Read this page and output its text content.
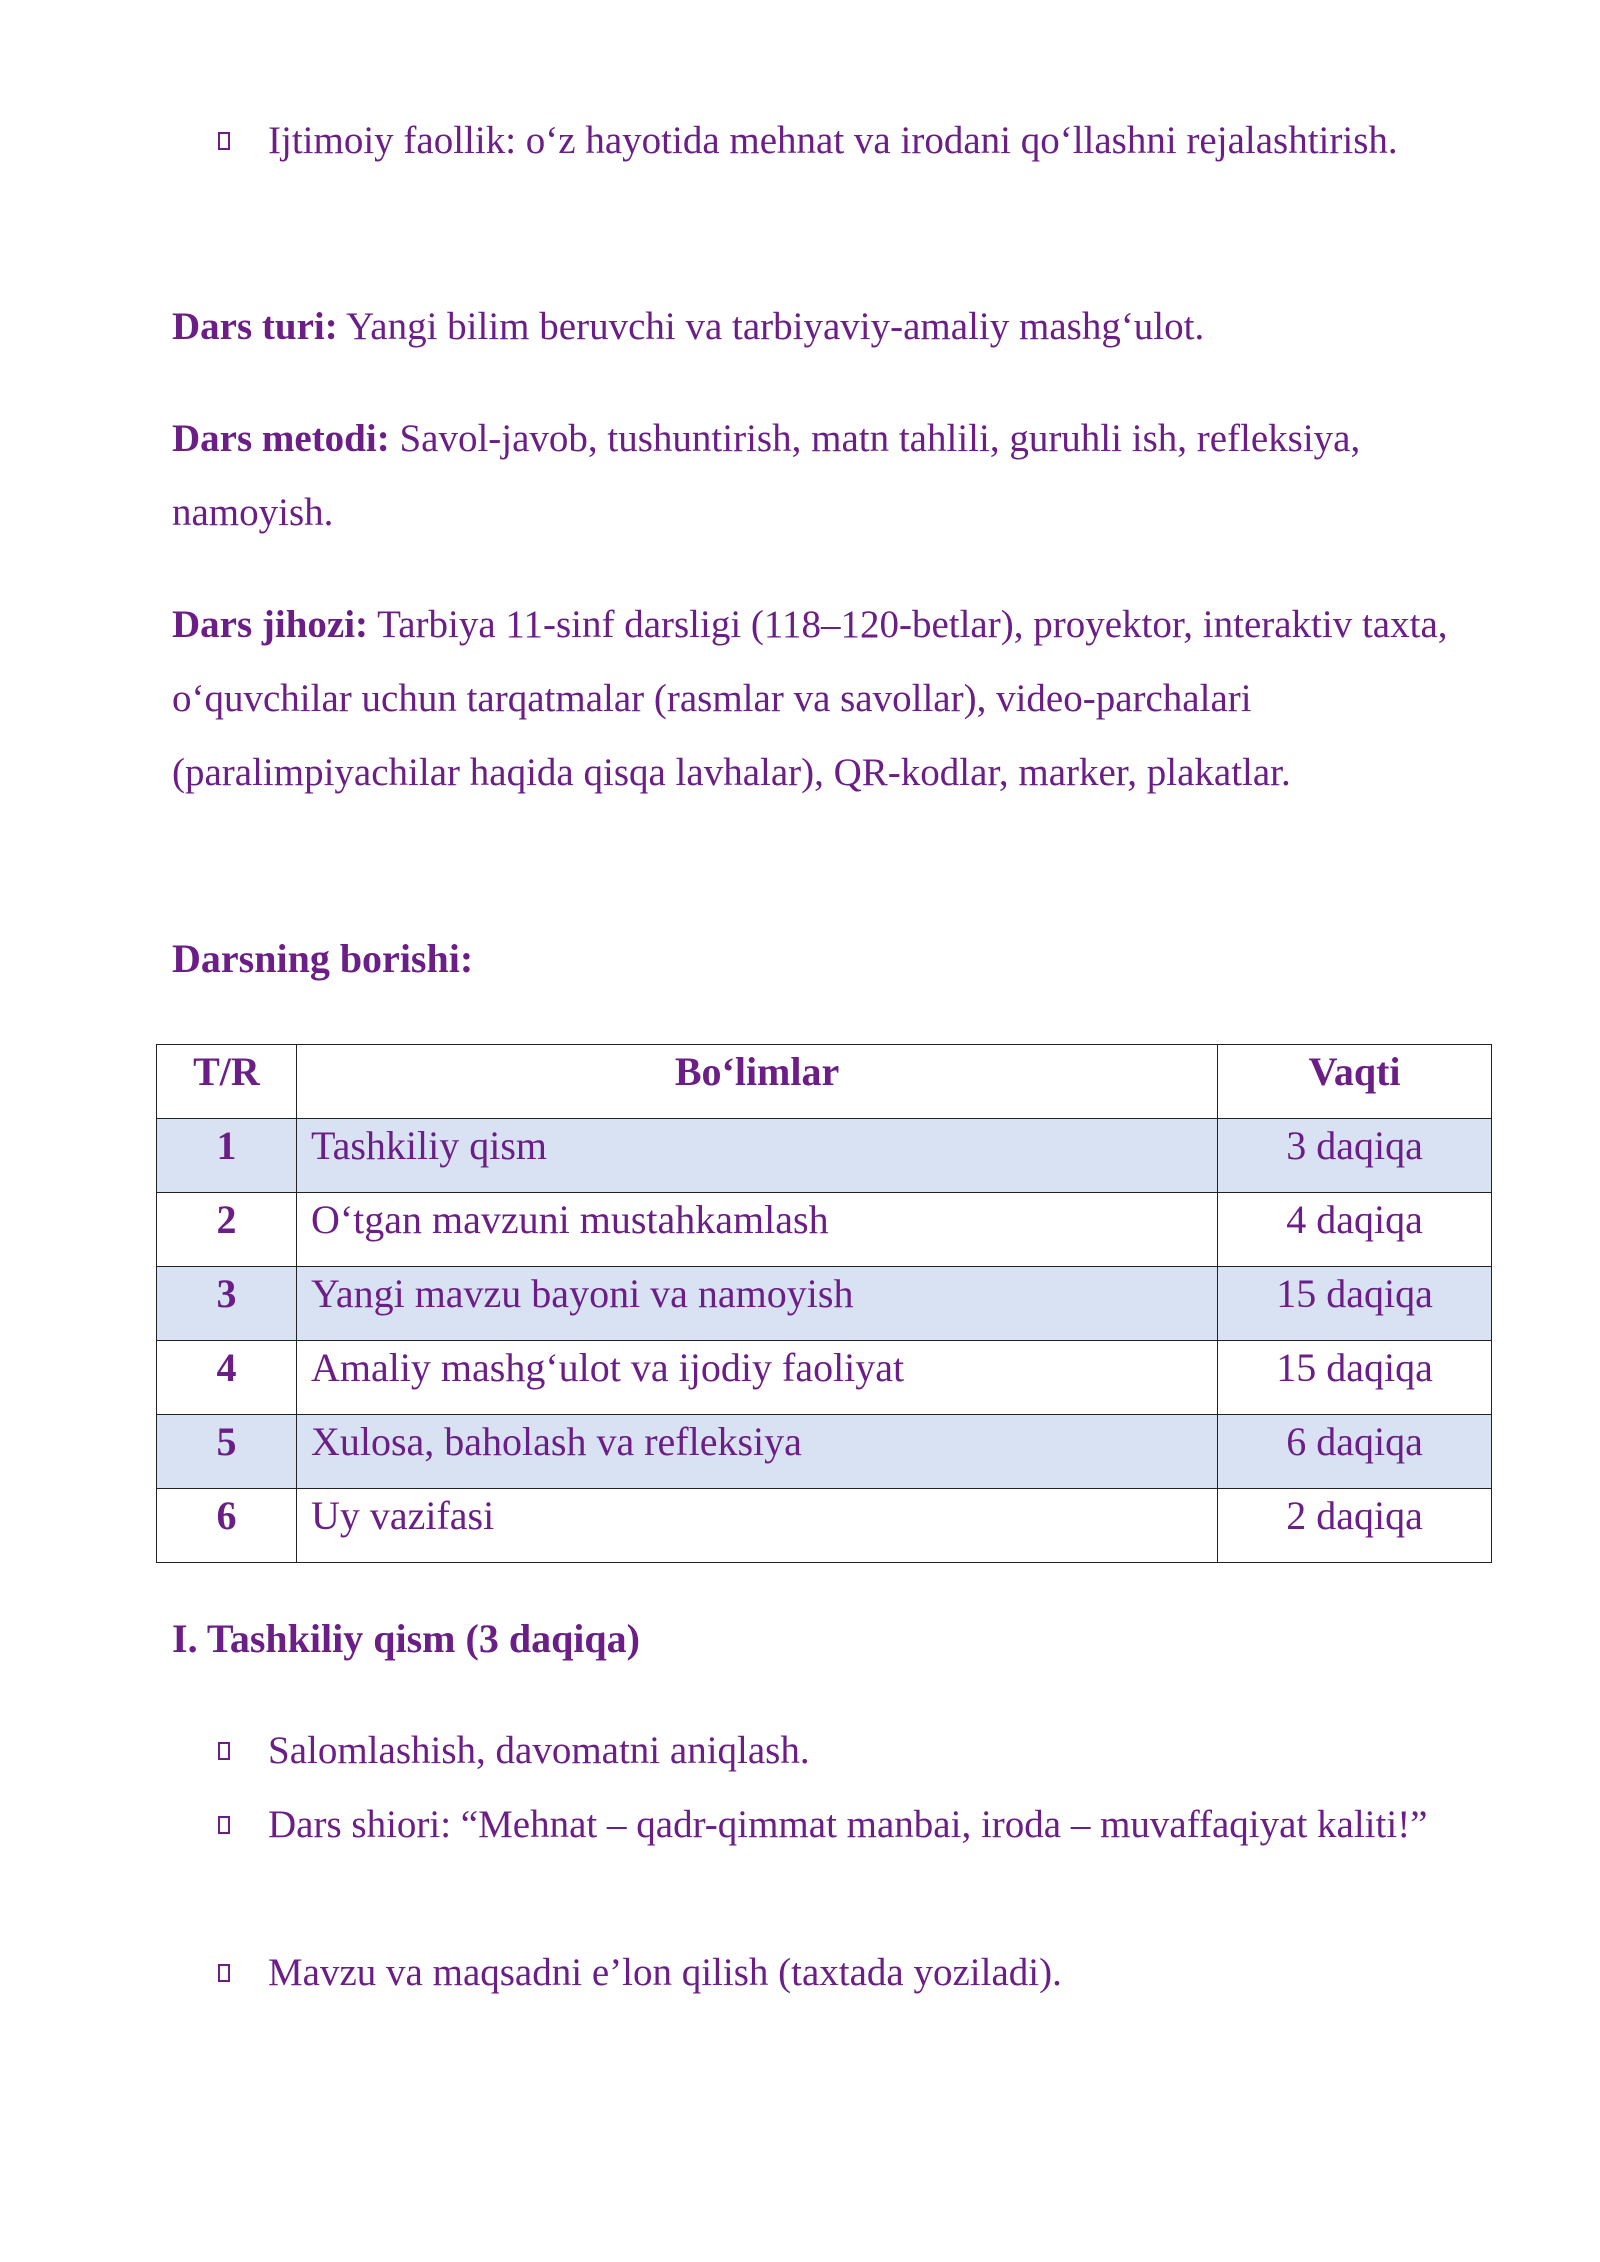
Ijtimoiy faollik: o‘z hayotida mehnat va irodani qo‘llashni rejalashtirish.
Dars turi: Yangi bilim beruvchi va tarbiyaviy-amaliy mashg‘ulot.
Dars metodi: Savol-javob, tushuntirish, matn tahlili, guruhli ish, refleksiya, namoyish.
Dars jihozi: Tarbiya 11-sinf darsligi (118–120-betlar), proyektor, interaktiv taxta, o‘quvchilar uchun tarqatmalar (rasmlar va savollar), video-parchalari (paralimpiyachilar haqida qisqa lavhalar), QR-kodlar, marker, plakatlar.
Darsning borishi:
T/R	Bo‘limlar	Vaqti
1	Tashkiliy qism	3 daqiqa
2	O‘tgan mavzuni mustahkamlash	4 daqiqa
3	Yangi mavzu bayoni va namoyish	15 daqiqa
4	Amaliy mashg‘ulot va ijodiy faoliyat	15 daqiqa
5	Xulosa, baholash va refleksiya	6 daqiqa
6	Uy vazifasi	2 daqiqa
I. Tashkiliy qism (3 daqiqa)
Salomlashish, davomatni aniqlash.
Dars shiori: “Mehnat – qadr-qimmat manbai, iroda – muvaffaqiyat kaliti!”
Mavzu va maqsadni e’lon qilish (taxtada yoziladi).
